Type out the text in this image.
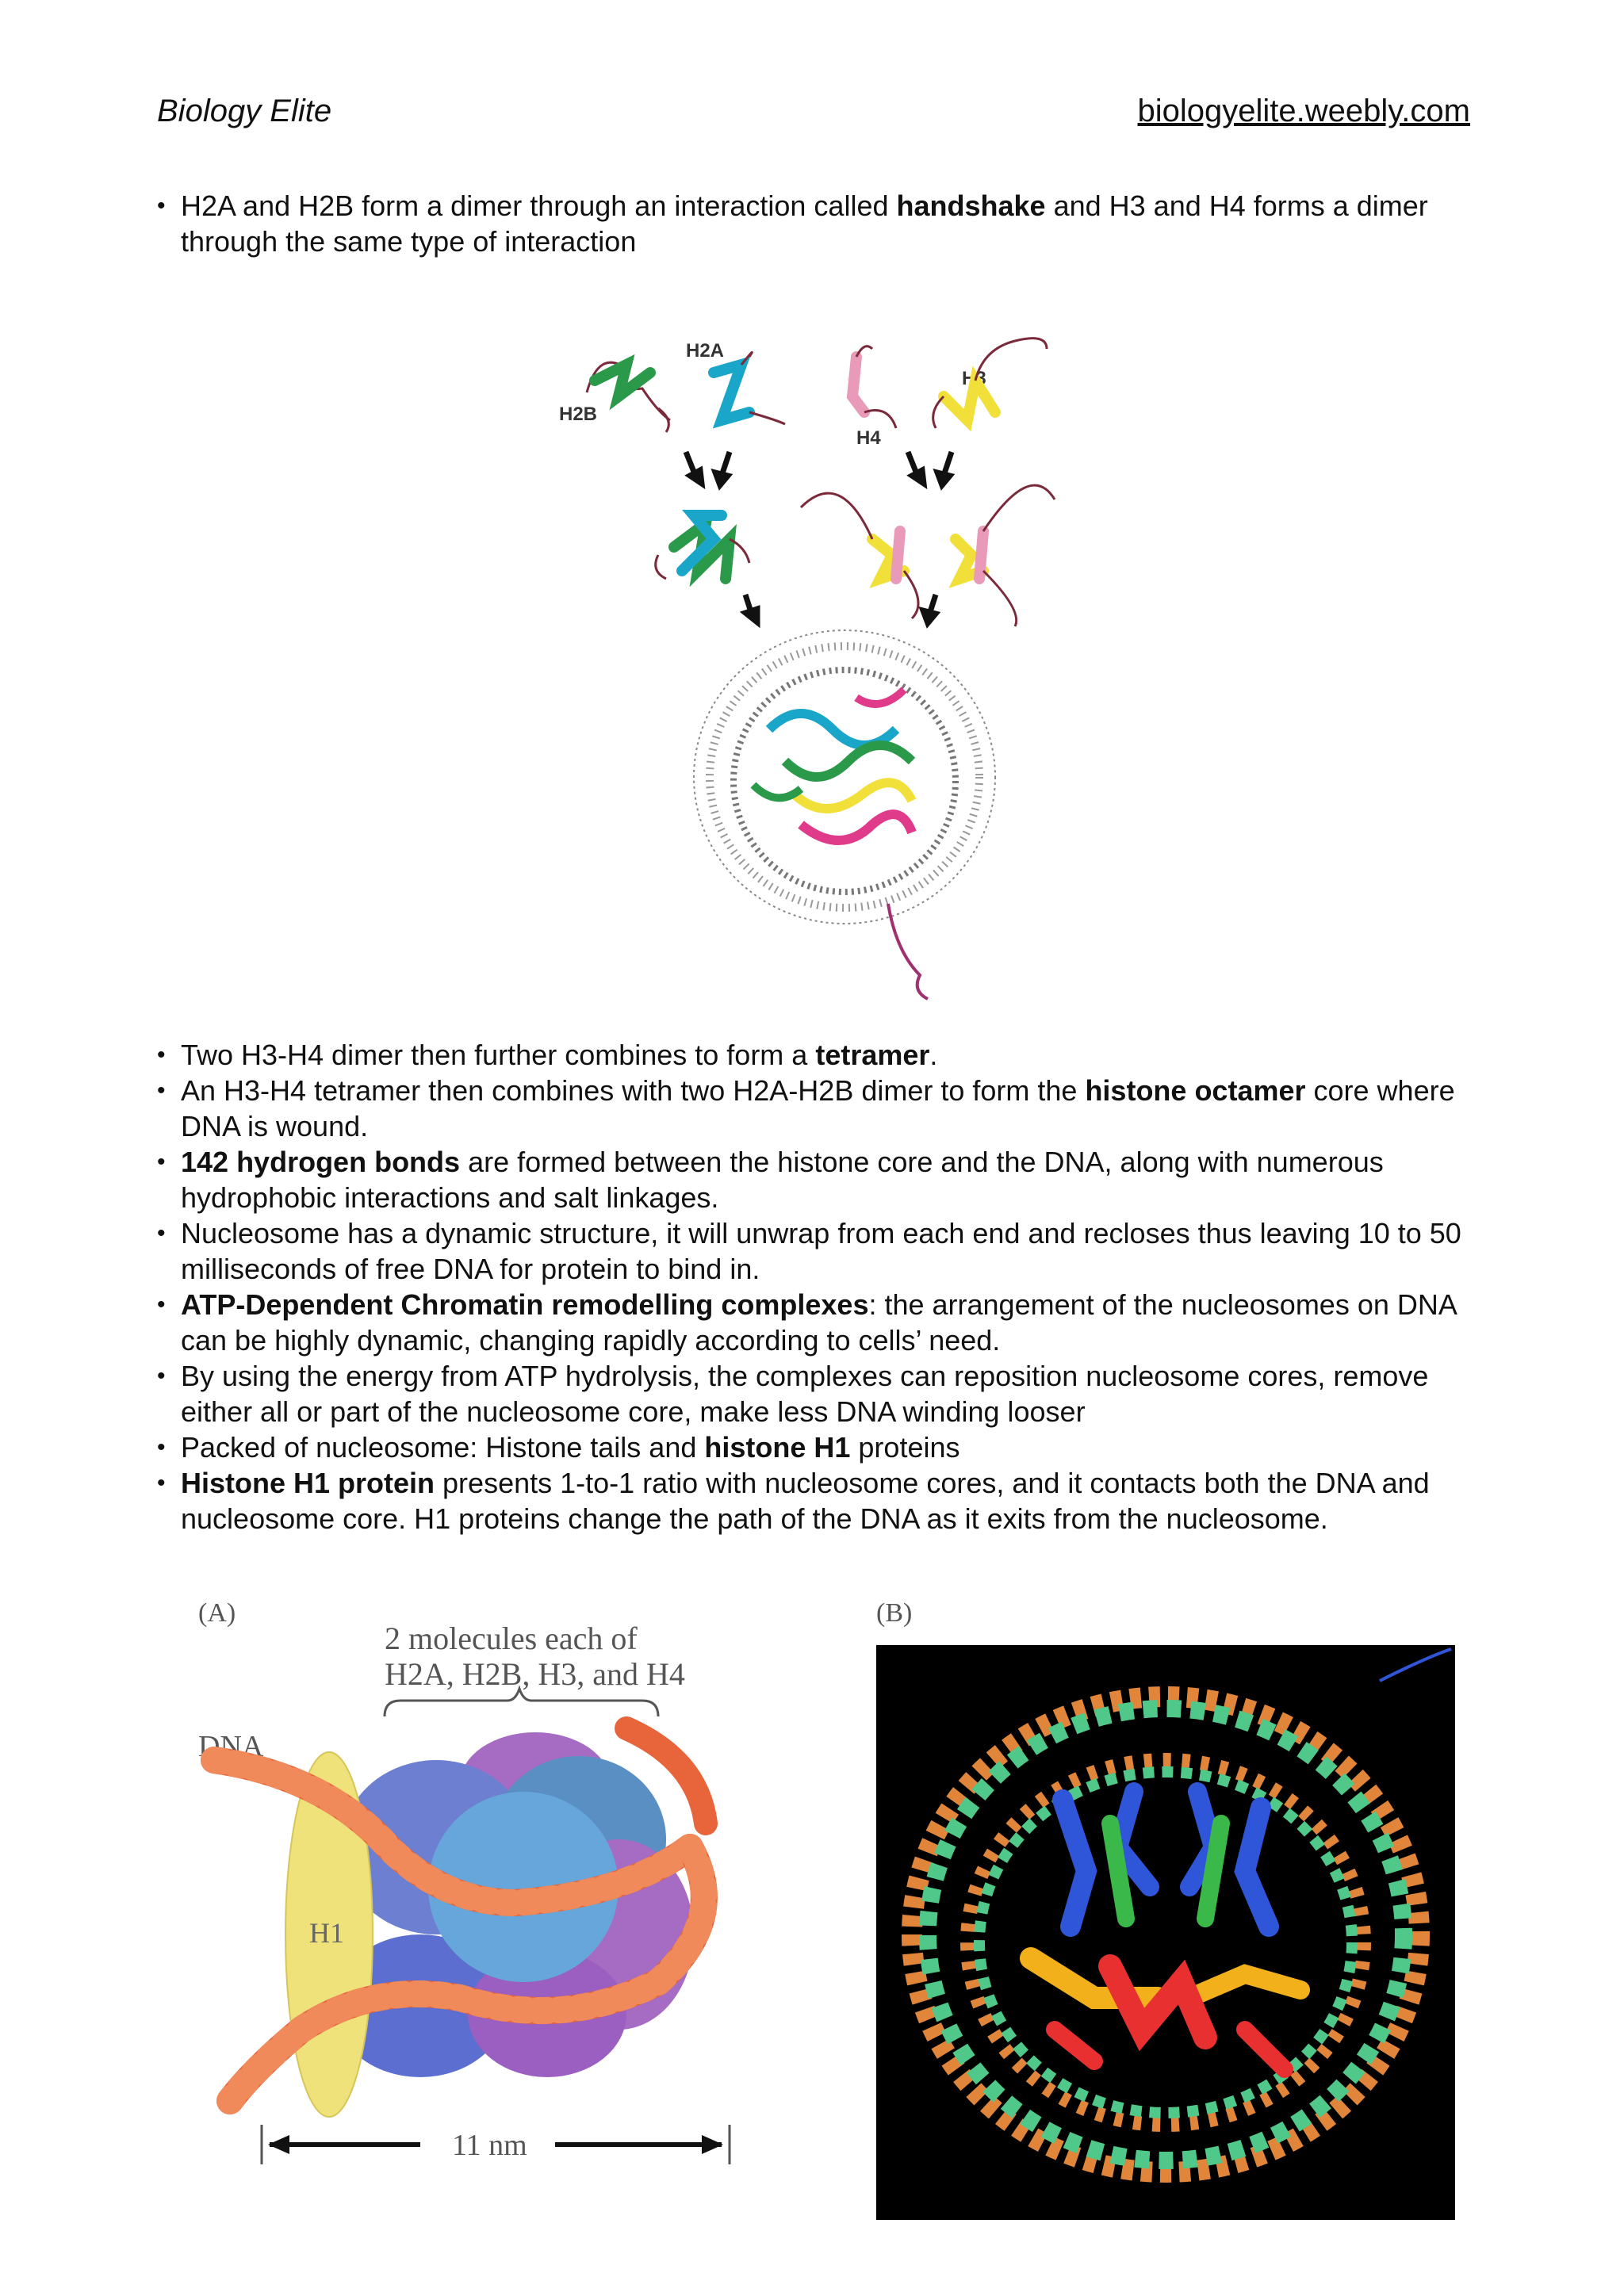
Biology Elite	biologyelite.weebly.com
• H2A and H2B form a dimer through an interaction called handshake and H3 and H4 forms a dimer through the same type of interaction
H2A
H2B
H3
H4
• Two H3-H4 dimer then further combines to form a tetramer.
• An H3-H4 tetramer then combines with two H2A-H2B dimer to form the histone octamer core where DNA is wound.
• 142 hydrogen bonds are formed between the histone core and the DNA, along with numerous hydrophobic interactions and salt linkages.
• Nucleosome has a dynamic structure, it will unwrap from each end and recloses thus leaving 10 to 50 milliseconds of free DNA for protein to bind in.
• ATP-Dependent Chromatin remodelling complexes: the arrangement of the nucleosomes on DNA can be highly dynamic, changing rapidly according to cells’ need.
• By using the energy from ATP hydrolysis, the complexes can reposition nucleosome cores, remove either all or part of the nucleosome core, make less DNA winding looser
• Packed of nucleosome: Histone tails and histone H1 proteins
• Histone H1 protein presents 1-to-1 ratio with nucleosome cores, and it contacts both the DNA and nucleosome core. H1 proteins change the path of the DNA as it exits from the nucleosome.
(A)
2 molecules each of
H2A, H2B, H3, and H4
DNA
H1
11 nm
(B)
